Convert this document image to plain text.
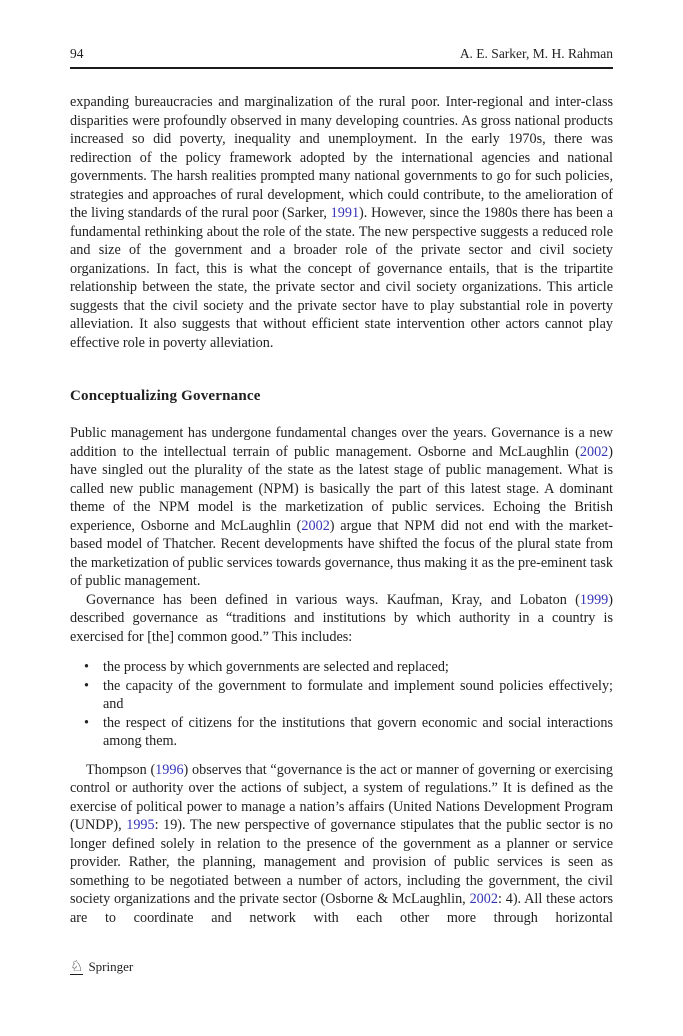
94	A. E. Sarker, M. H. Rahman

expanding bureaucracies and marginalization of the rural poor. Inter-regional and inter-class disparities were profoundly observed in many developing countries. As gross national products increased so did poverty, inequality and unemployment. In the early 1970s, there was redirection of the policy framework adopted by the international agencies and national governments. The harsh realities prompted many national governments to go for such policies, strategies and approaches of rural development, which could contribute, to the amelioration of the living standards of the rural poor (Sarker, 1991). However, since the 1980s there has been a fundamental rethinking about the role of the state. The new perspective suggests a reduced role and size of the government and a broader role of the private sector and civil society organizations. In fact, this is what the concept of governance entails, that is the tripartite relationship between the state, the private sector and civil society organizations. This article suggests that the civil society and the private sector have to play substantial role in poverty alleviation. It also suggests that without efficient state intervention other actors cannot play effective role in poverty alleviation.

Conceptualizing Governance

Public management has undergone fundamental changes over the years. Governance is a new addition to the intellectual terrain of public management. Osborne and McLaughlin (2002) have singled out the plurality of the state as the latest stage of public management. What is called new public management (NPM) is basically the part of this latest stage. A dominant theme of the NPM model is the marketization of public services. Echoing the British experience, Osborne and McLaughlin (2002) argue that NPM did not end with the market-based model of Thatcher. Recent developments have shifted the focus of the plural state from the marketization of public services towards governance, thus making it as the pre-eminent task of public management.

Governance has been defined in various ways. Kaufman, Kray, and Lobaton (1999) described governance as “traditions and institutions by which authority in a country is exercised for [the] common good.” This includes:

• the process by which governments are selected and replaced;
• the capacity of the government to formulate and implement sound policies effectively; and
• the respect of citizens for the institutions that govern economic and social interactions among them.

Thompson (1996) observes that “governance is the act or manner of governing or exercising control or authority over the actions of subject, a system of regulations.” It is defined as the exercise of political power to manage a nation’s affairs (United Nations Development Program (UNDP), 1995: 19). The new perspective of governance stipulates that the public sector is no longer defined solely in relation to the presence of the government as a planner or service provider. Rather, the planning, management and provision of public services is seen as something to be negotiated between a number of actors, including the government, the civil society organizations and the private sector (Osborne & McLaughlin, 2002: 4). All these actors are to coordinate and network with each other more through horizontal

♘ Springer
